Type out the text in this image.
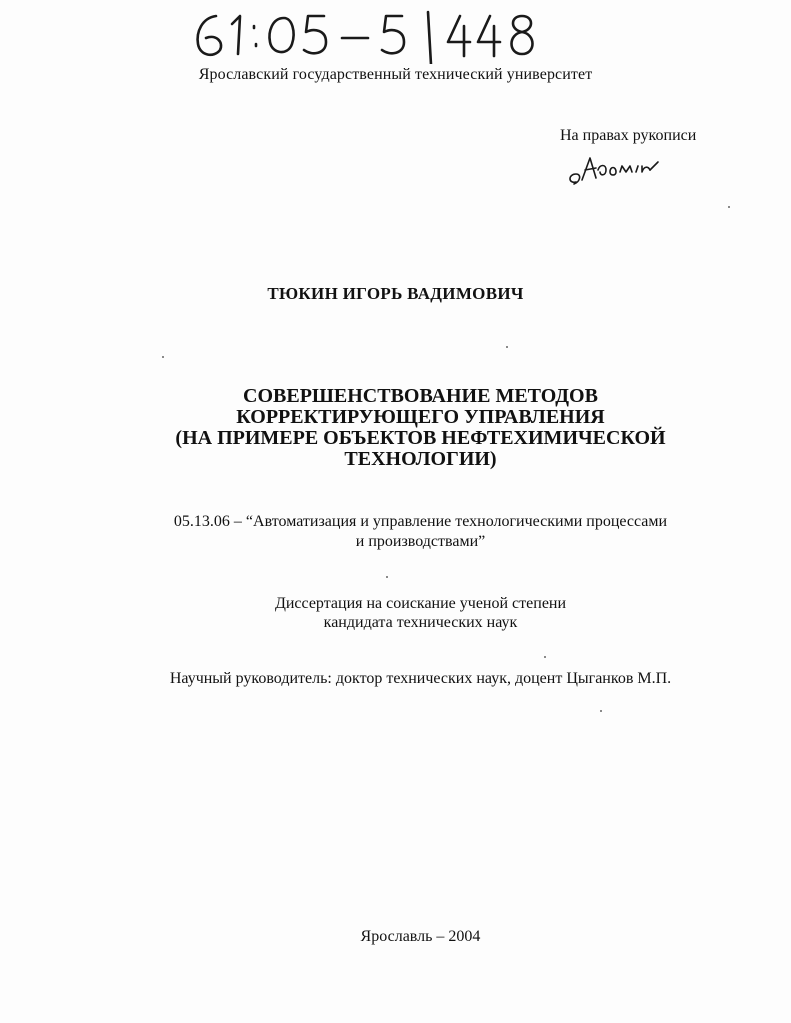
Ярославский государственный технический университет
На правах рукописи
ТЮКИН ИГОРЬ ВАДИМОВИЧ
СОВЕРШЕНСТВОВАНИЕ МЕТОДОВ
КОРРЕКТИРУЮЩЕГО УПРАВЛЕНИЯ
(НА ПРИМЕРЕ ОБЪЕКТОВ НЕФТЕХИМИЧЕСКОЙ
ТЕХНОЛОГИИ)
05.13.06 – “Автоматизация и управление технологическими процессами
и производствами”
Диссертация на соискание ученой степени
кандидата технических наук
Научный руководитель: доктор технических наук, доцент Цыганков М.П.
Ярославль – 2004
